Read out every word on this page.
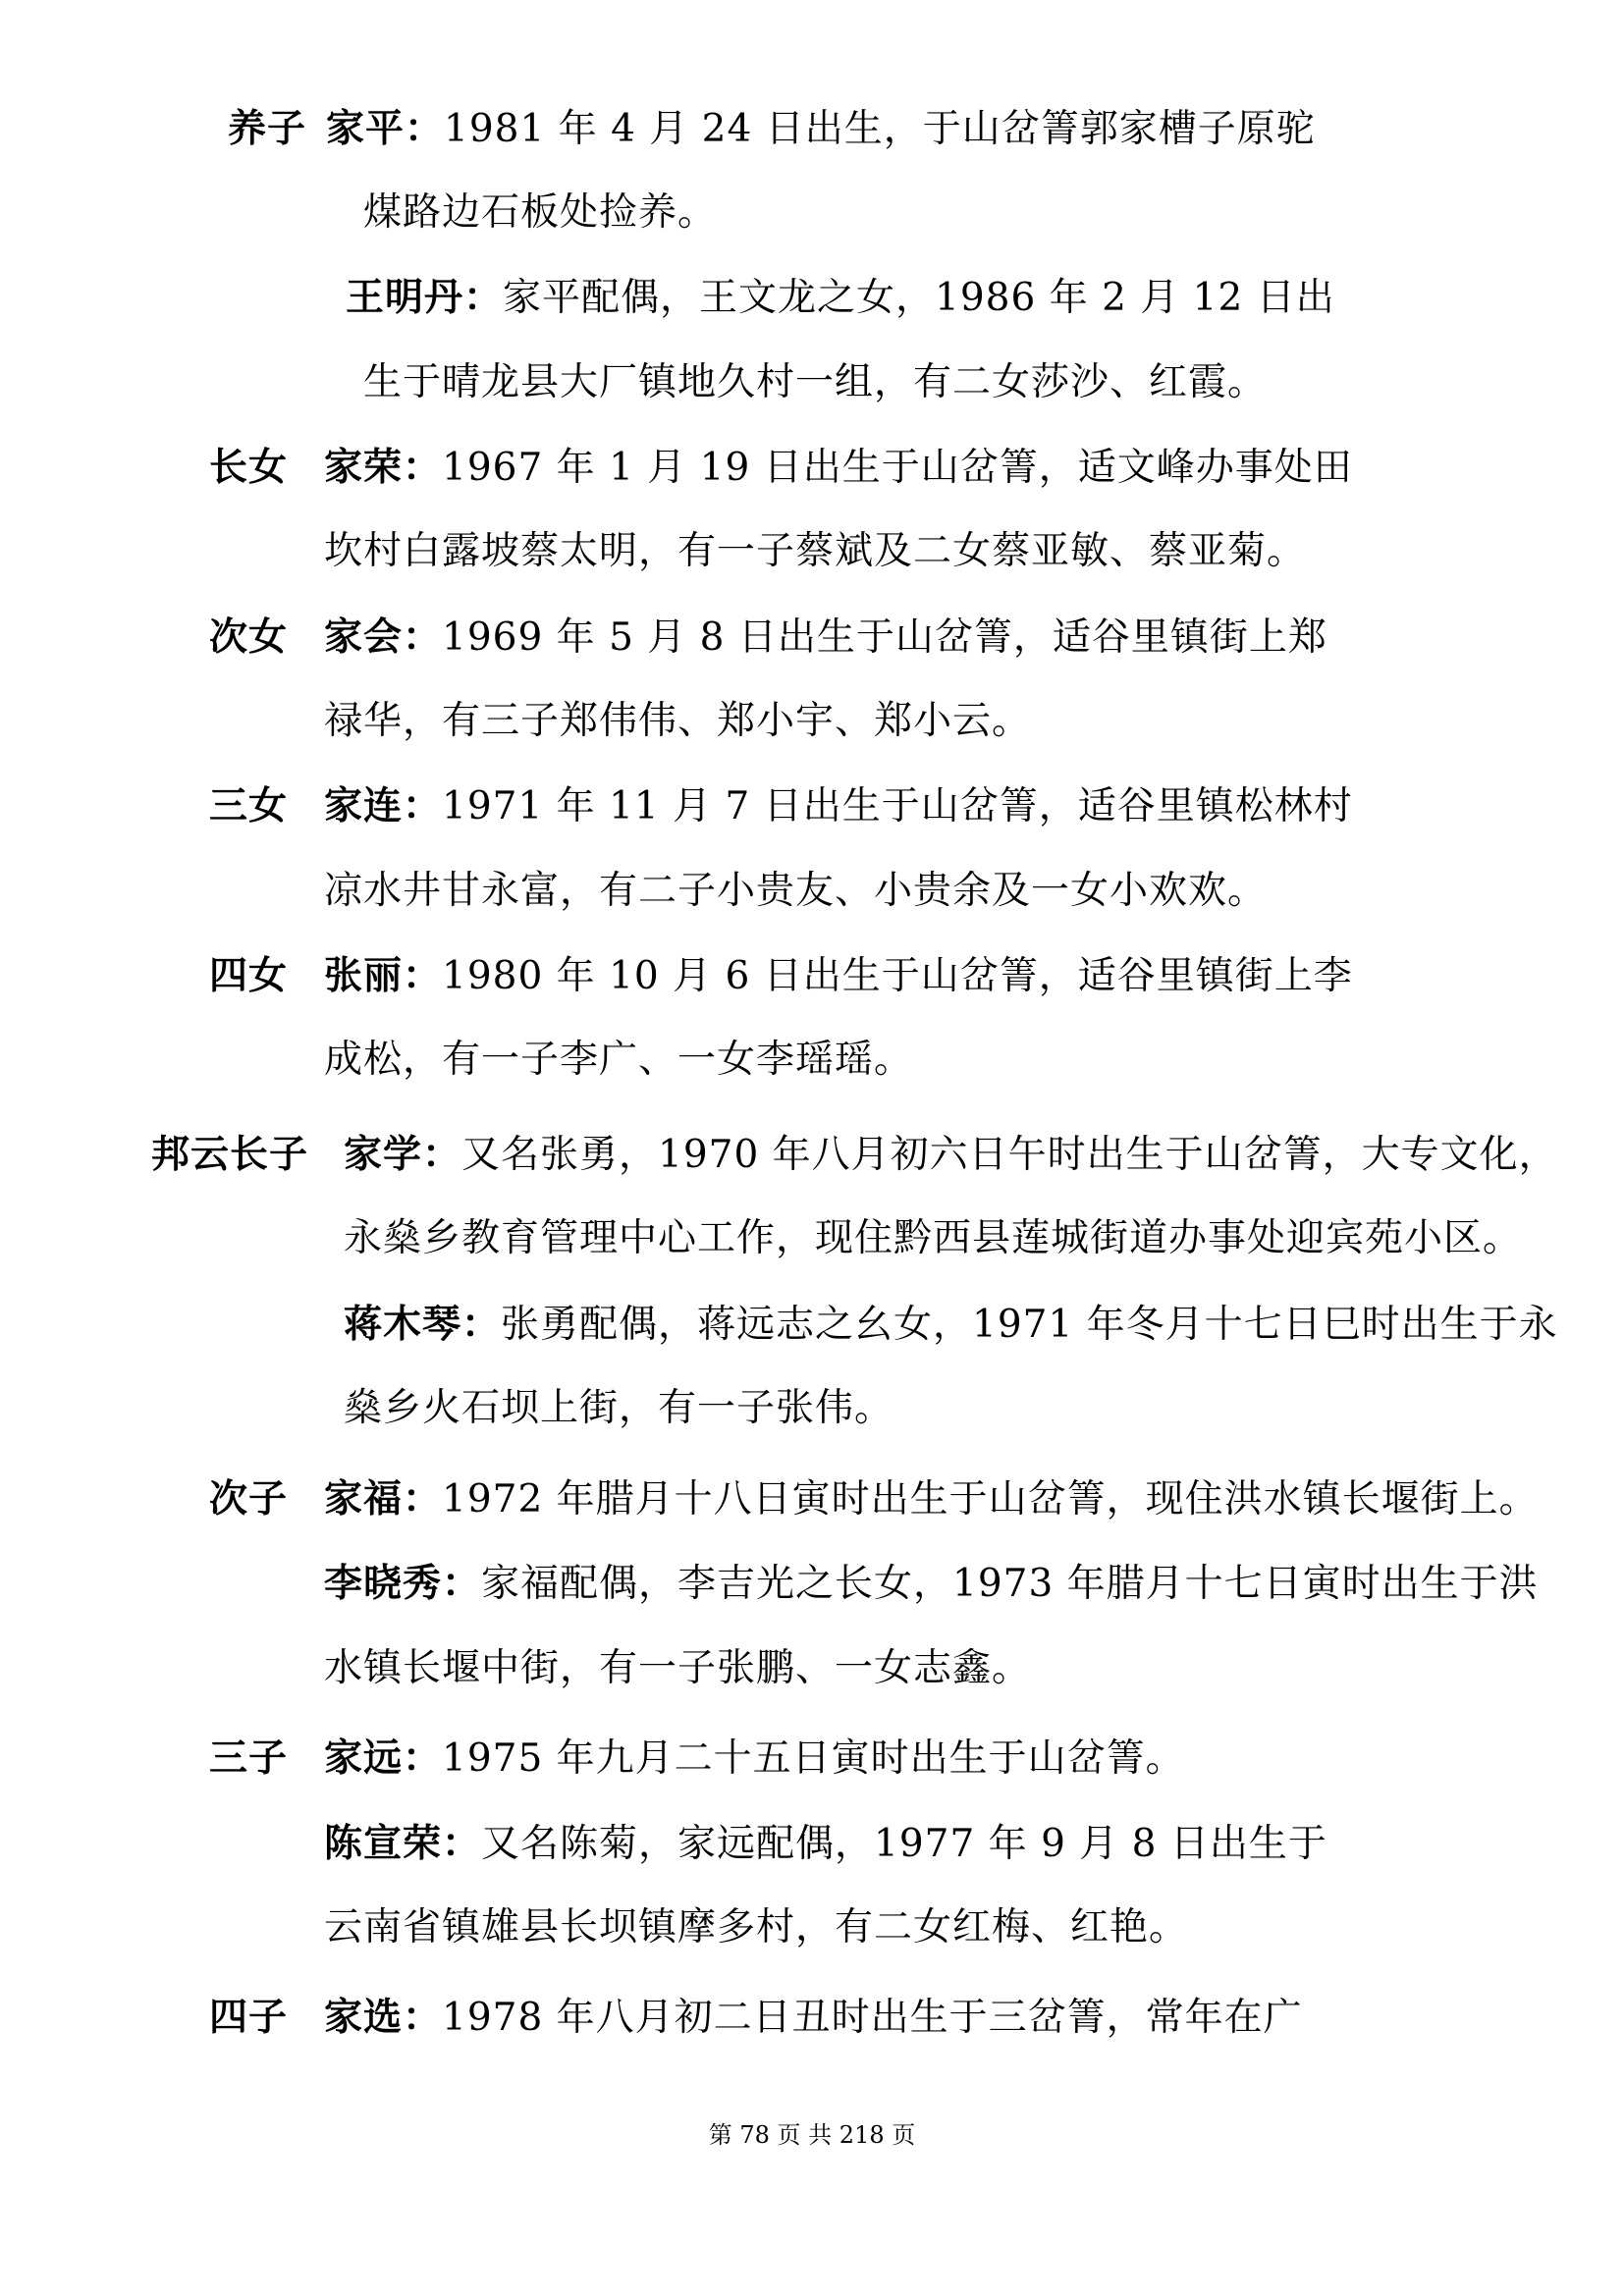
养子 家平：1981 年 4 月 24 日出生，于山岔箐郭家槽子原驼
煤路边石板处捡养。
王明丹：家平配偶，王文龙之女，1986 年 2 月 12 日出
生于晴龙县大厂镇地久村一组，有二女莎沙、红霞。
长女 家荣：1967 年 1 月 19 日出生于山岔箐，适文峰办事处田
坎村白露坡蔡太明，有一子蔡斌及二女蔡亚敏、蔡亚菊。
次女 家会：1969 年 5 月 8 日出生于山岔箐，适谷里镇街上郑
禄华，有三子郑伟伟、郑小宇、郑小云。
三女 家连：1971 年 11 月 7 日出生于山岔箐，适谷里镇松林村
凉水井甘永富，有二子小贵友、小贵余及一女小欢欢。
四女 张丽：1980 年 10 月 6 日出生于山岔箐，适谷里镇街上李
成松，有一子李广、一女李瑶瑶。
邦云长子 家学：又名张勇，1970 年八月初六日午时出生于山岔箐，大专文化，
永燊乡教育管理中心工作，现住黔西县莲城街道办事处迎宾苑小区。
蒋木琴：张勇配偶，蒋远志之幺女，1971 年冬月十七日巳时出生于永
燊乡火石坝上街，有一子张伟。
次子 家福：1972 年腊月十八日寅时出生于山岔箐，现住洪水镇长堰街上。
李晓秀：家福配偶，李吉光之长女，1973 年腊月十七日寅时出生于洪
水镇长堰中街，有一子张鹏、一女志鑫。
三子 家远：1975 年九月二十五日寅时出生于山岔箐。
陈宣荣：又名陈菊，家远配偶，1977 年 9 月 8 日出生于
云南省镇雄县长坝镇摩多村，有二女红梅、红艳。
四子 家选：1978 年八月初二日丑时出生于三岔箐，常年在广
第 78 页 共 218 页
